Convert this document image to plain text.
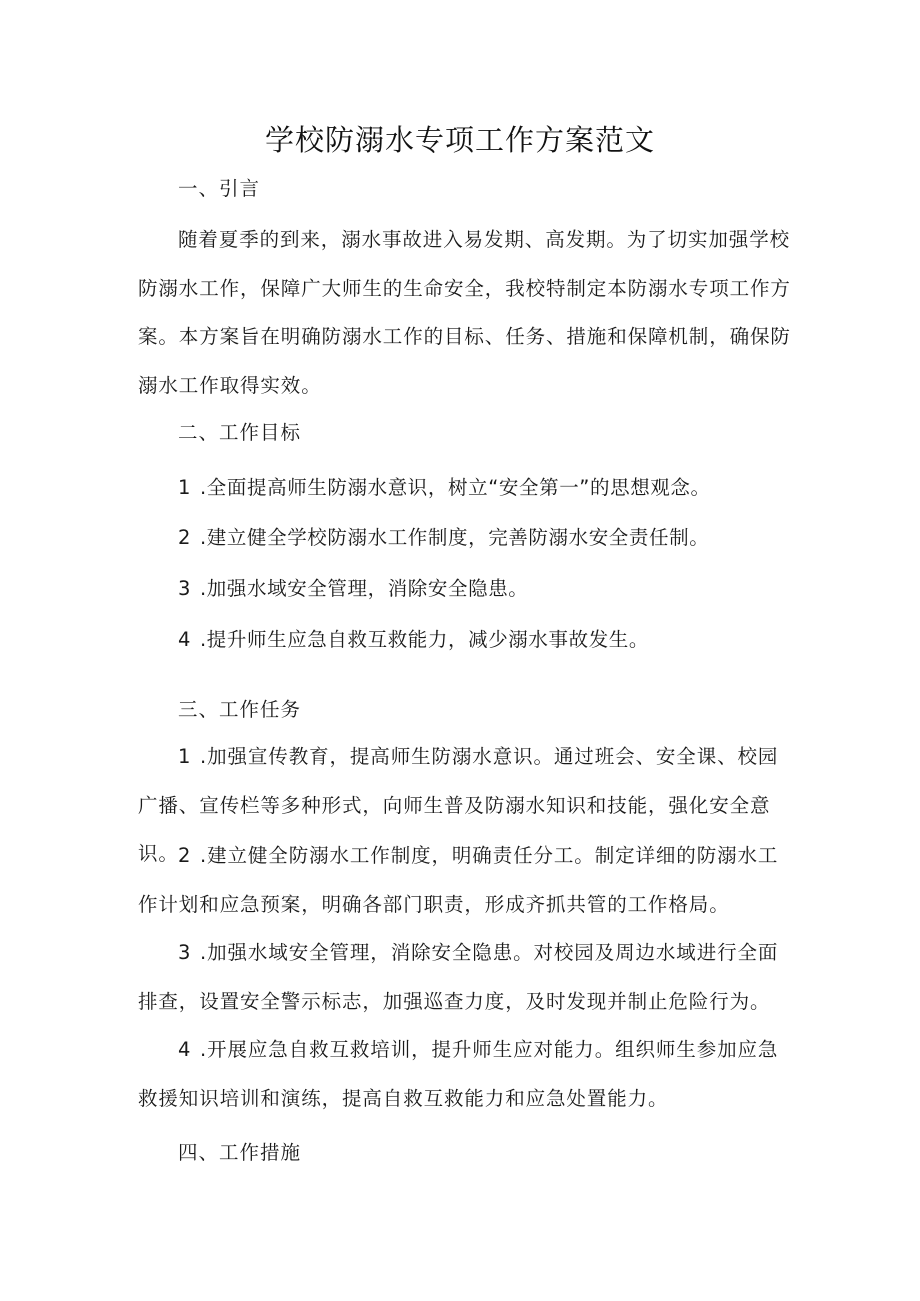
学校防溺水专项工作方案范文
一、引言
随着夏季的到来，溺水事故进入易发期、高发期。为了切实加强学校防溺水工作，保障广大师生的生命安全，我校特制定本防溺水专项工作方案。本方案旨在明确防溺水工作的目标、任务、措施和保障机制，确保防溺水工作取得实效。
二、工作目标
1 .全面提高师生防溺水意识，树立“安全第一”的思想观念。
2 .建立健全学校防溺水工作制度，完善防溺水安全责任制。
3 .加强水域安全管理，消除安全隐患。
4 .提升师生应急自救互救能力，减少溺水事故发生。
三、工作任务
1 .加强宣传教育，提高师生防溺水意识。通过班会、安全课、校园广播、宣传栏等多种形式，向师生普及防溺水知识和技能，强化安全意识。 2 .建立健全防溺水工作制度，明确责任分工。制定详细的防溺水工作计划和应急预案，明确各部门职责，形成齐抓共管的工作格局。
3 .加强水域安全管理，消除安全隐患。对校园及周边水域进行全面排查，设置安全警示标志，加强巡查力度，及时发现并制止危险行为。
4 .开展应急自救互救培训，提升师生应对能力。组织师生参加应急救援知识培训和演练，提高自救互救能力和应急处置能力。
四、工作措施
